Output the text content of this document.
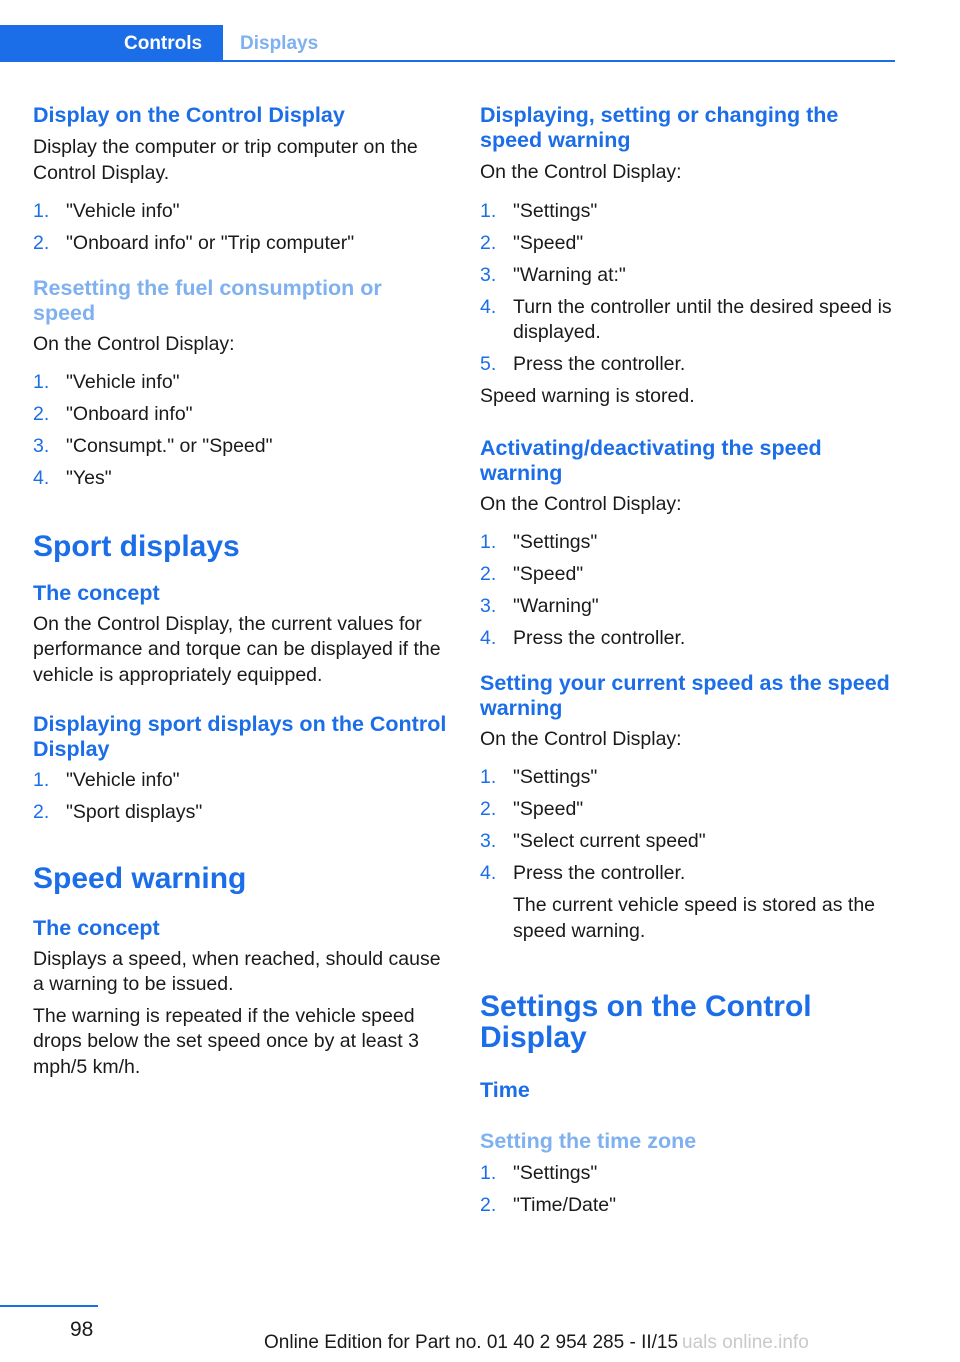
Controls	Displays
Display on the Control Display

Display the computer or trip computer on the Control Display.

1. "Vehicle info"
2. "Onboard info" or "Trip computer"
Resetting the fuel consumption or speed

On the Control Display:

1. "Vehicle info"
2. "Onboard info"
3. "Consumpt." or "Speed"
4. "Yes"
Sport displays
The concept

On the Control Display, the current values for performance and torque can be displayed if the vehicle is appropriately equipped.

Displaying sport displays on the Control Display
1. "Vehicle info"
2. "Sport displays"
Speed warning
The concept

Displays a speed, when reached, should cause a warning to be issued.

The warning is repeated if the vehicle speed drops below the set speed once by at least 3 mph/5 km/h.

Displaying, setting or changing the speed warning

On the Control Display:

1. "Settings"
2. "Speed"
3. "Warning at:"
4. Turn the controller until the desired speed is displayed.
5. Press the controller.

Speed warning is stored.

Activating/deactivating the speed warning

On the Control Display:

1. "Settings"
2. "Speed"
3. "Warning"
4. Press the controller.
Setting your current speed as the speed warning

On the Control Display:

1. "Settings"
2. "Speed"
3. "Select current speed"
4. Press the controller.
The current vehicle speed is stored as the speed warning.
Settings on the Control Display
Time
Setting the time zone
1. "Settings"
2. "Time/Date"
98
Online Edition for Part no. 01 40 2 954 285 - II/15 uals online.info
